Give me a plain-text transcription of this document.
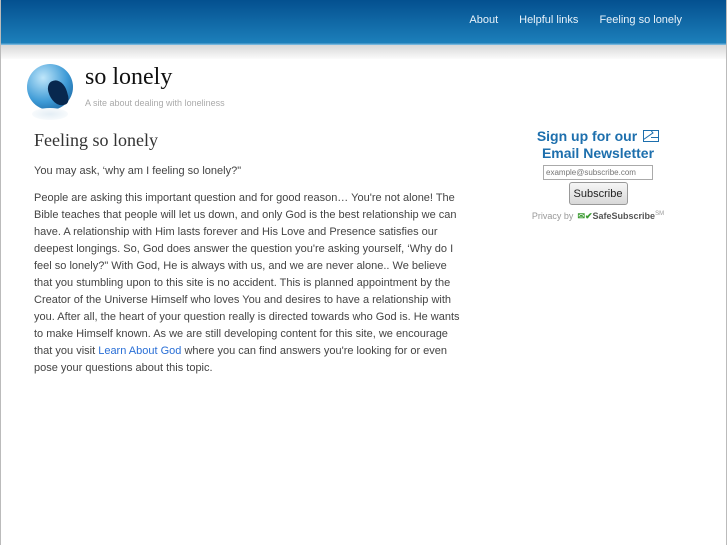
About Helpful links Feeling so lonely
so lonely
A site about dealing with loneliness
Feeling so lonely

You may ask, ‘why am I feeling so lonely?"

People are asking this important question and for good reason… You're not alone! The Bible teaches that people will let us down, and only God is the best relationship we can have. A relationship with Him lasts forever and His Love and Presence satisfies our deepest longings. So, God does answer the question you're asking yourself, ‘Why do I feel so lonely?" With God, He is always with us, and we are never alone.. We believe that you stumbling upon to this site is no accident. This is planned appointment by the Creator of the Universe Himself who loves You and desires to have a relationship with you. After all, the heart of your question really is directed towards who God is. He wants to make Himself known. As we are still developing content for this site, we encourage that you visit Learn About God where you can find answers you're looking for or even pose your questions about this topic.

Sign up for our
Email Newsletter
example@subscribe.com
Subscribe
Privacy by ✉✔SafeSubscribe℠
